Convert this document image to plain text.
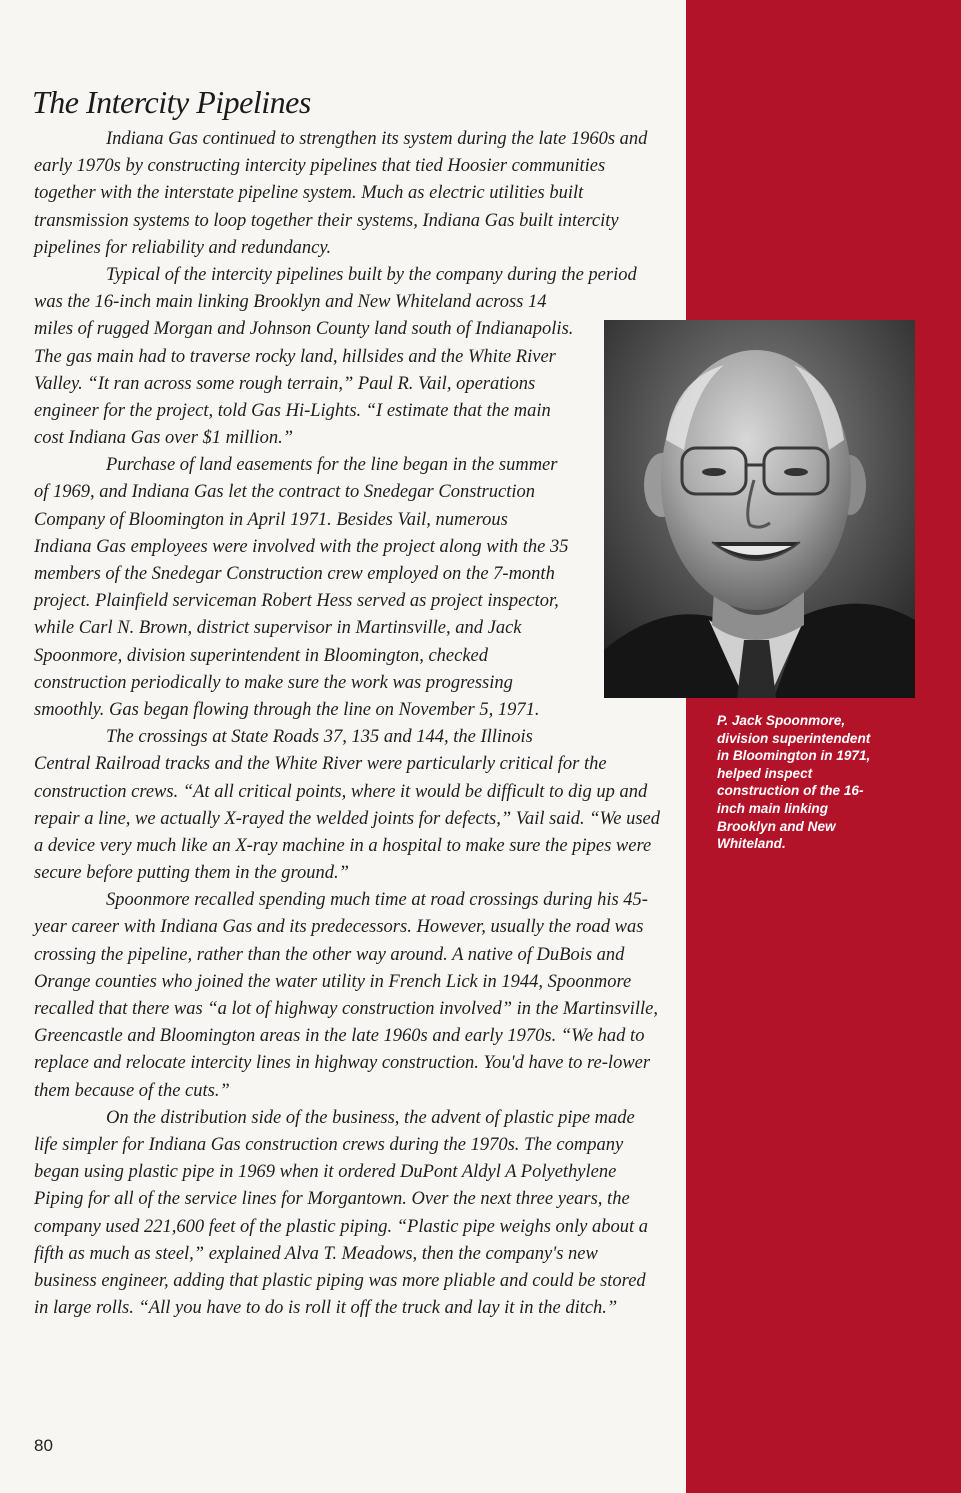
The Intercity Pipelines
Indiana Gas continued to strengthen its system during the late 1960s and
early 1970s by constructing intercity pipelines that tied Hoosier communities
together with the interstate pipeline system. Much as electric utilities built
transmission systems to loop together their systems, Indiana Gas built intercity
pipelines for reliability and redundancy.
Typical of the intercity pipelines built by the company during the period
was the 16-inch main linking Brooklyn and New Whiteland across 14
miles of rugged Morgan and Johnson County land south of Indianapolis.
The gas main had to traverse rocky land, hillsides and the White River
Valley. “It ran across some rough terrain,” Paul R. Vail, operations
engineer for the project, told Gas Hi-Lights. “I estimate that the main
cost Indiana Gas over $1 million.”
Purchase of land easements for the line began in the summer
of 1969, and Indiana Gas let the contract to Snedegar Construction
Company of Bloomington in April 1971. Besides Vail, numerous
Indiana Gas employees were involved with the project along with the 35
members of the Snedegar Construction crew employed on the 7-month
project. Plainfield serviceman Robert Hess served as project inspector,
while Carl N. Brown, district supervisor in Martinsville, and Jack
Spoonmore, division superintendent in Bloomington, checked
construction periodically to make sure the work was progressing
smoothly. Gas began flowing through the line on November 5, 1971.
The crossings at State Roads 37, 135 and 144, the Illinois
Central Railroad tracks and the White River were particularly critical for the
construction crews. “At all critical points, where it would be difficult to dig up and
repair a line, we actually X-rayed the welded joints for defects,” Vail said. “We used
a device very much like an X-ray machine in a hospital to make sure the pipes were
secure before putting them in the ground.”
Spoonmore recalled spending much time at road crossings during his 45-
year career with Indiana Gas and its predecessors. However, usually the road was
crossing the pipeline, rather than the other way around. A native of DuBois and
Orange counties who joined the water utility in French Lick in 1944, Spoonmore
recalled that there was “a lot of highway construction involved” in the Martinsville,
Greencastle and Bloomington areas in the late 1960s and early 1970s. “We had to
replace and relocate intercity lines in highway construction. You'd have to re-lower
them because of the cuts.”
On the distribution side of the business, the advent of plastic pipe made
life simpler for Indiana Gas construction crews during the 1970s. The company
began using plastic pipe in 1969 when it ordered DuPont Aldyl A Polyethylene
Piping for all of the service lines for Morgantown. Over the next three years, the
company used 221,600 feet of the plastic piping. “Plastic pipe weighs only about a
fifth as much as steel,” explained Alva T. Meadows, then the company's new
business engineer, adding that plastic piping was more pliable and could be stored
in large rolls. “All you have to do is roll it off the truck and lay it in the ditch.”
P. Jack Spoonmore,
division superintendent
in Bloomington in 1971,
helped inspect
construction of the 16-
inch main linking
Brooklyn and New
Whiteland.
80
